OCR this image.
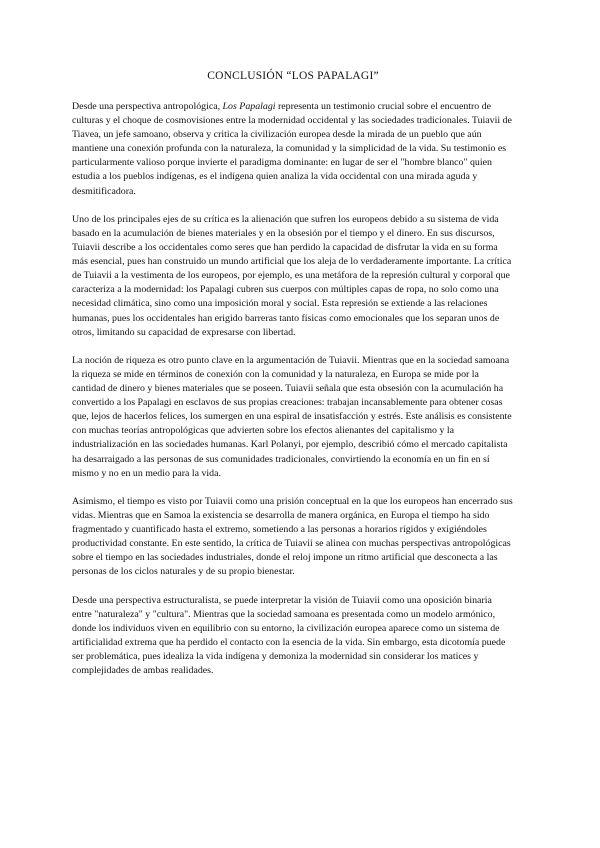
CONCLUSIÓN “LOS PAPALAGI”

Desde una perspectiva antropológica, Los Papalagi representa un testimonio crucial sobre el encuentro de culturas y el choque de cosmovisiones entre la modernidad occidental y las sociedades tradicionales. Tuiavii de Tiavea, un jefe samoano, observa y critica la civilización europea desde la mirada de un pueblo que aún mantiene una conexión profunda con la naturaleza, la comunidad y la simplicidad de la vida. Su testimonio es particularmente valioso porque invierte el paradigma dominante: en lugar de ser el "hombre blanco" quien estudia a los pueblos indígenas, es el indígena quien analiza la vida occidental con una mirada aguda y desmitificadora.

Uno de los principales ejes de su crítica es la alienación que sufren los europeos debido a su sistema de vida basado en la acumulación de bienes materiales y en la obsesión por el tiempo y el dinero. En sus discursos, Tuiavii describe a los occidentales como seres que han perdido la capacidad de disfrutar la vida en su forma más esencial, pues han construido un mundo artificial que los aleja de lo verdaderamente importante. La crítica de Tuiavii a la vestimenta de los europeos, por ejemplo, es una metáfora de la represión cultural y corporal que caracteriza a la modernidad: los Papalagi cubren sus cuerpos con múltiples capas de ropa, no solo como una necesidad climática, sino como una imposición moral y social. Esta represión se extiende a las relaciones humanas, pues los occidentales han erigido barreras tanto físicas como emocionales que los separan unos de otros, limitando su capacidad de expresarse con libertad.

La noción de riqueza es otro punto clave en la argumentación de Tuiavii. Mientras que en la sociedad samoana la riqueza se mide en términos de conexión con la comunidad y la naturaleza, en Europa se mide por la cantidad de dinero y bienes materiales que se poseen. Tuiavii señala que esta obsesión con la acumulación ha convertido a los Papalagi en esclavos de sus propias creaciones: trabajan incansablemente para obtener cosas que, lejos de hacerlos felices, los sumergen en una espiral de insatisfacción y estrés. Este análisis es consistente con muchas teorías antropológicas que advierten sobre los efectos alienantes del capitalismo y la industrialización en las sociedades humanas. Karl Polanyi, por ejemplo, describió cómo el mercado capitalista ha desarraigado a las personas de sus comunidades tradicionales, convirtiendo la economía en un fin en sí mismo y no en un medio para la vida.

Asimismo, el tiempo es visto por Tuiavii como una prisión conceptual en la que los europeos han encerrado sus vidas. Mientras que en Samoa la existencia se desarrolla de manera orgánica, en Europa el tiempo ha sido fragmentado y cuantificado hasta el extremo, sometiendo a las personas a horarios rígidos y exigiéndoles productividad constante. En este sentido, la crítica de Tuiavii se alinea con muchas perspectivas antropológicas sobre el tiempo en las sociedades industriales, donde el reloj impone un ritmo artificial que desconecta a las personas de los ciclos naturales y de su propio bienestar.

Desde una perspectiva estructuralista, se puede interpretar la visión de Tuiavii como una oposición binaria entre "naturaleza" y "cultura". Mientras que la sociedad samoana es presentada como un modelo armónico, donde los individuos viven en equilibrio con su entorno, la civilización europea aparece como un sistema de artificialidad extrema que ha perdido el contacto con la esencia de la vida. Sin embargo, esta dicotomía puede ser problemática, pues idealiza la vida indígena y demoniza la modernidad sin considerar los matices y complejidades de ambas realidades.
